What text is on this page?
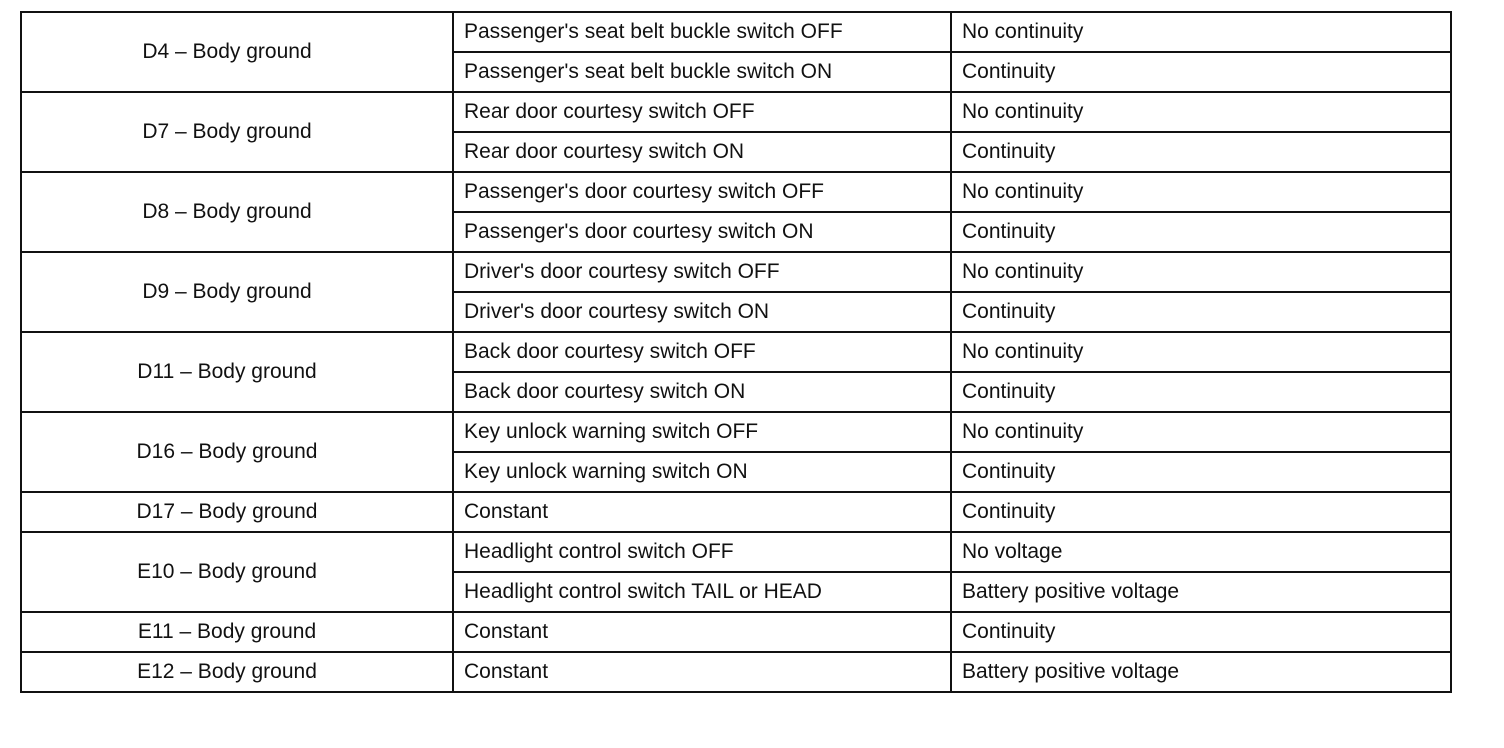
D4 – Body ground	Passenger's seat belt buckle switch OFF	No continuity
	Passenger's seat belt buckle switch ON	Continuity
D7 – Body ground	Rear door courtesy switch OFF	No continuity
	Rear door courtesy switch ON	Continuity
D8 – Body ground	Passenger's door courtesy switch OFF	No continuity
	Passenger's door courtesy switch ON	Continuity
D9 – Body ground	Driver's door courtesy switch OFF	No continuity
	Driver's door courtesy switch ON	Continuity
D11 – Body ground	Back door courtesy switch OFF	No continuity
	Back door courtesy switch ON	Continuity
D16 – Body ground	Key unlock warning switch OFF	No continuity
	Key unlock warning switch ON	Continuity
D17 – Body ground	Constant	Continuity
E10 – Body ground	Headlight control switch OFF	No voltage
	Headlight control switch TAIL or HEAD	Battery positive voltage
E11 – Body ground	Constant	Continuity
E12 – Body ground	Constant	Battery positive voltage
